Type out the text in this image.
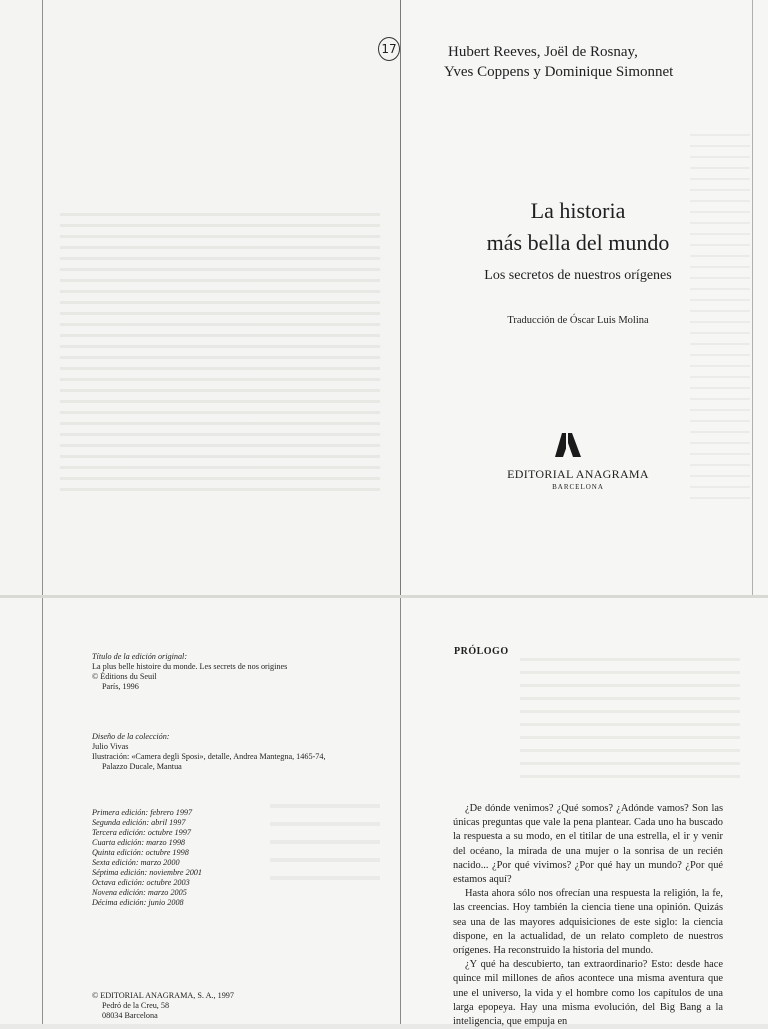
17	Hubert Reeves, Joël de Rosnay,
Yves Coppens y Dominique Simonnet
La historia
más bella del mundo
Los secretos de nuestros orígenes
Traducción de Óscar Luis Molina
EDITORIAL ANAGRAMA
BARCELONA
Título de la edición original:
La plus belle histoire du monde. Les secrets de nos origines
© Éditions du Seuil
París, 1996
Diseño de la colección:
Julio Vivas
Ilustración: «Camera degli Sposi», detalle, Andrea Mantegna, 1465-74,
Palazzo Ducale, Mantua
Primera edición: febrero 1997
Segunda edición: abril 1997
Tercera edición: octubre 1997
Cuarta edición: marzo 1998
Quinta edición: octubre 1998
Sexta edición: marzo 2000
Séptima edición: noviembre 2001
Octava edición: octubre 2003
Novena edición: marzo 2005
Décima edición: junio 2008
© EDITORIAL ANAGRAMA, S. A., 1997
Pedró de la Creu, 58
08034 Barcelona
PRÓLOGO

¿De dónde venimos? ¿Qué somos? ¿Adónde vamos? Son las únicas preguntas que vale la pena plantear. Cada uno ha buscado la respuesta a su modo, en el titilar de una estrella, el ir y venir del océano, la mirada de una mujer o la sonrisa de un recién nacido... ¿Por qué vivimos? ¿Por qué hay un mundo? ¿Por qué estamos aquí?

Hasta ahora sólo nos ofrecían una respuesta la religión, la fe, las creencias. Hoy también la ciencia tiene una opinión. Quizás sea una de las mayores adquisiciones de este siglo: la ciencia dispone, en la actualidad, de un relato completo de nuestros orígenes. Ha reconstruido la historia del mundo.

¿Y qué ha descubierto, tan extraordinario? Esto: desde hace quince mil millones de años acontece una misma aventura que une el universo, la vida y el hombre como los capítulos de una larga epopeya. Hay una misma evolución, del Big Bang a la inteligencia, que empuja en
